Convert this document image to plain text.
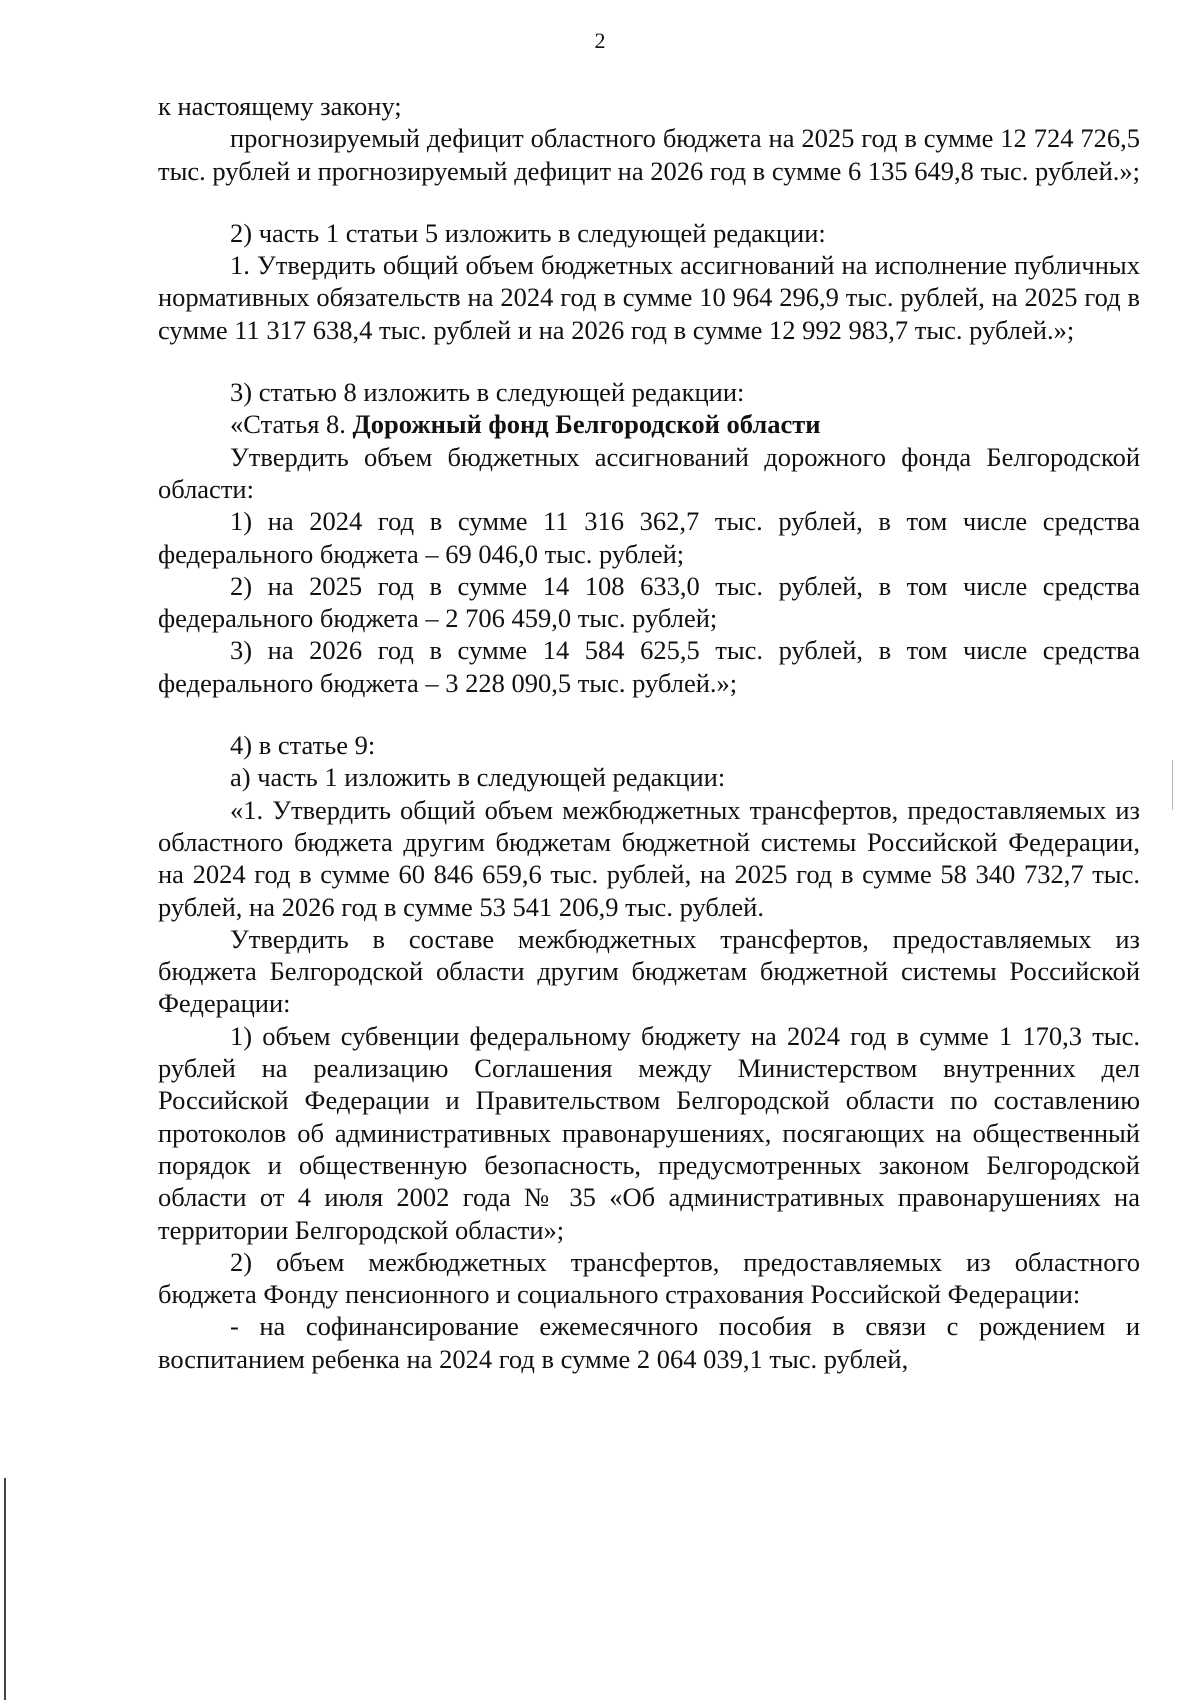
2

к настоящему закону;

прогнозируемый дефицит областного бюджета на 2025 год в сумме 12 724 726,5 тыс. рублей и прогнозируемый дефицит на 2026 год в сумме 6 135 649,8 тыс. рублей.»;

2) часть 1 статьи 5 изложить в следующей редакции:

1. Утвердить общий объем бюджетных ассигнований на исполнение публичных нормативных обязательств на 2024 год в сумме 10 964 296,9 тыс. рублей, на 2025 год в сумме 11 317 638,4 тыс. рублей и на 2026 год в сумме 12 992 983,7 тыс. рублей.»;

3) статью 8 изложить в следующей редакции:

«Статья 8. Дорожный фонд Белгородской области

Утвердить объем бюджетных ассигнований дорожного фонда Белгородской области:

1) на 2024 год в сумме 11 316 362,7 тыс. рублей, в том числе средства федерального бюджета – 69 046,0 тыс. рублей;

2) на 2025 год в сумме 14 108 633,0 тыс. рублей, в том числе средства федерального бюджета – 2 706 459,0 тыс. рублей;

3) на 2026 год в сумме 14 584 625,5 тыс. рублей, в том числе средства федерального бюджета – 3 228 090,5 тыс. рублей.»;

4) в статье 9:

а) часть 1 изложить в следующей редакции:

«1. Утвердить общий объем межбюджетных трансфертов, предоставляемых из областного бюджета другим бюджетам бюджетной системы Российской Федерации, на 2024 год в сумме 60 846 659,6 тыс. рублей, на 2025 год в сумме 58 340 732,7 тыс. рублей, на 2026 год в сумме 53 541 206,9 тыс. рублей.

Утвердить в составе межбюджетных трансфертов, предоставляемых из бюджета Белгородской области другим бюджетам бюджетной системы Российской Федерации:

1) объем субвенции федеральному бюджету на 2024 год в сумме 1 170,3 тыс. рублей на реализацию Соглашения между Министерством внутренних дел Российской Федерации и Правительством Белгородской области по составлению протоколов об административных правонарушениях, посягающих на общественный порядок и общественную безопасность, предусмотренных законом Белгородской области от 4 июля 2002 года № 35 «Об административных правонарушениях на территории Белгородской области»;

2) объем межбюджетных трансфертов, предоставляемых из областного бюджета Фонду пенсионного и социального страхования Российской Федерации:

- на софинансирование ежемесячного пособия в связи с рождением и воспитанием ребенка на 2024 год в сумме 2 064 039,1 тыс. рублей,
